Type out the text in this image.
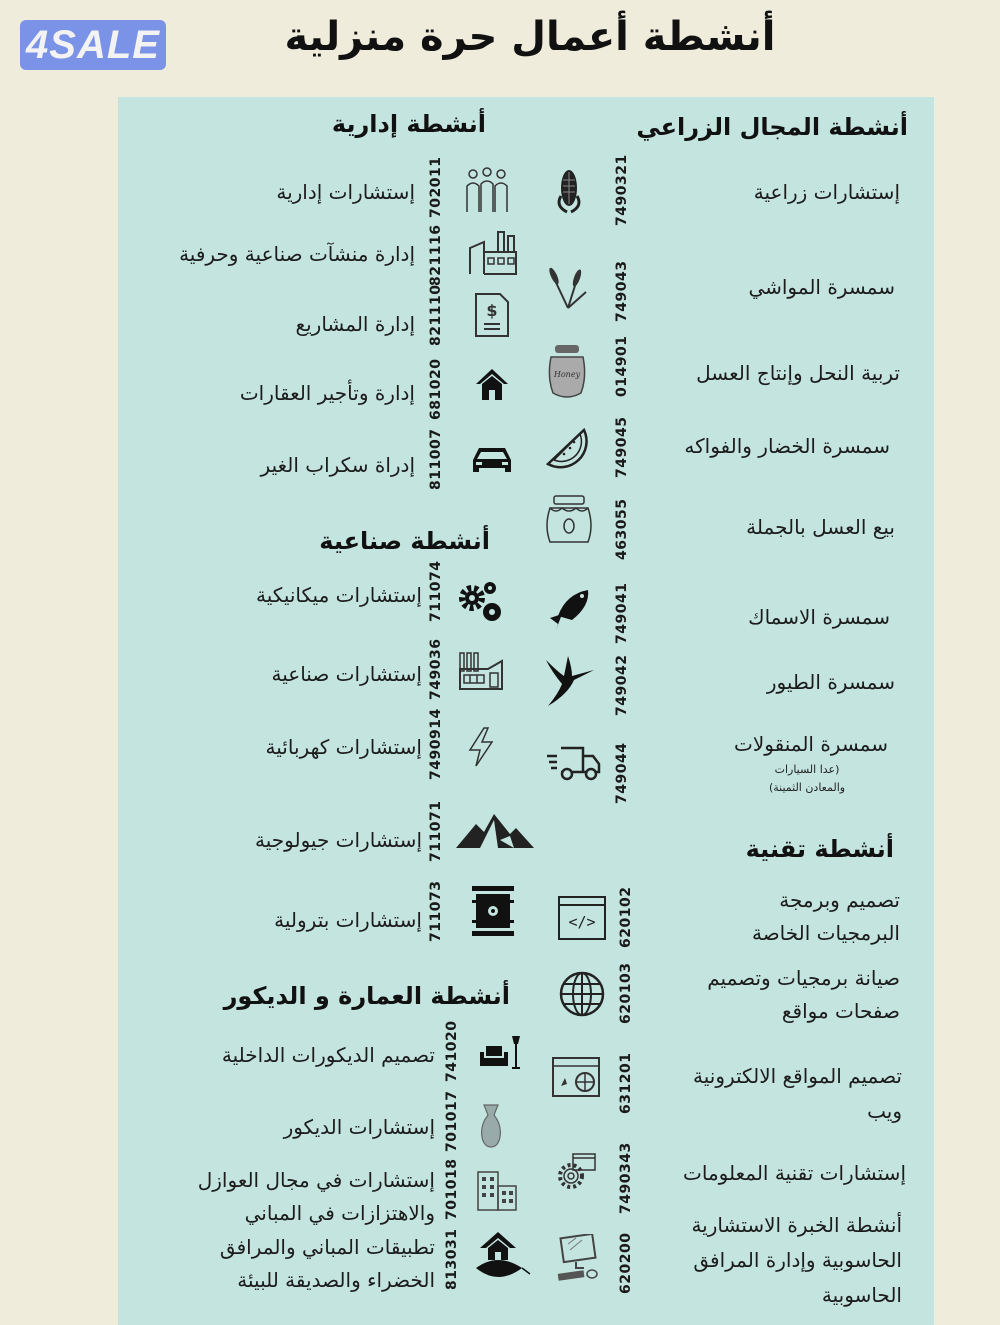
4SALE	أنشطة أعمال حرة منزلية
أنشطة المجال الزراعي
إستشارات زراعية
7490321
سمسرة المواشي
749043
تربية النحل وإنتاج العسل
014901
Honey
سمسرة الخضار والفواكه
749045
بيع العسل بالجملة
463055
سمسرة الاسماك
749041
سمسرة الطيور
749042
سمسرة المنقولات
(عدا السيارات
والمعادن الثمينة)
749044
أنشطة إدارية
إستشارات إدارية 702011
إدارة منشآت صناعية وحرفية 821116
إدارة المشاريع 821110	$
إدارة وتأجير العقارات 681020
إدراة سكراب الغير 811007
أنشطة صناعية
إستشارات ميكانيكية 711074
إستشارات صناعية 749036
إستشارات كهربائية 7490914
إستشارات جيولوجية 711071
إستشارات بترولية 711073
أنشطة العمارة و الديكور
تصميم الديكورات الداخلية 741020
إستشارات الديكور 701017
إستشارات في مجال العوازل
والاهتزازات في المباني 701018
تطبيقات المباني والمرافق
الخضراء والصديقة للبيئة 813031
أنشطة تقنية
تصميم وبرمجة
البرمجيات الخاصة
620102
</>
صيانة برمجيات وتصميم
صفحات مواقع
620103
تصميم المواقع الالكترونية
ويب
631201
إستشارات تقنية المعلومات
7490343
أنشطة الخبرة الاستشارية
الحاسوبية وإدارة المرافق
الحاسوبية
620200
